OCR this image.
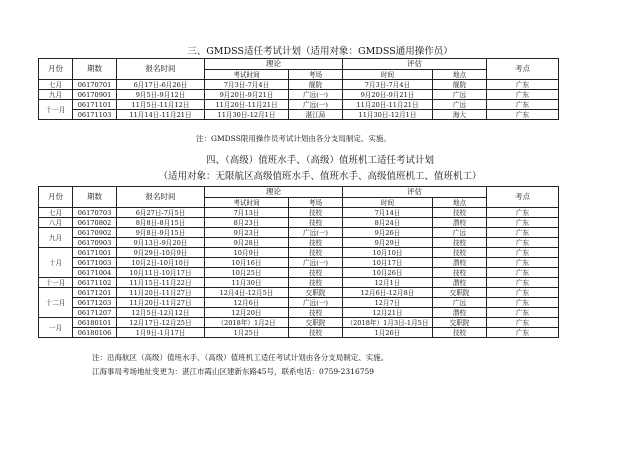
三、GMDSS适任考试计划（适用对象：GMDSS通用操作员）
月份	期数	报名时间	理论		评估		考点
			考试时间	考场	时间	地点	
七月	06170701	6月17日-6月26日	7月3日-7月4日	舰院	7月3日-7月4日	舰院	广东
九月	06170901	9月5日-9月12日	9月20日-9月21日	广远(一)	9月20日-9月21日	广远	广东
十一月	06171101	11月5日-11月12日	11月20日-11月21日	广远(一)	11月20日-11月21日	广远	广东
	06171103	11月14日-11月21日	11月30日-12月1日	湛江局	11月30日-12月1日	海大	广东
注：GMDSS限用操作员考试计划由各分支局制定、实施。
四、（高级）值班水手、（高级）值班机工适任考试计划
（适用对象：无限航区高级值班水手、值班水手、高级值班机工、值班机工）
月份	期数	报名时间	理论		评估		考点
			考试时间	考场	时间	地点	
七月	06170703	6月27日-7月5日	7月13日	技校	7月14日	技校	广东
八月	06170802	8月8日-8月15日	8月23日	技校	8月24日	潜校	广东
九月	06170902	9月8日-9月15日	9月23日	广远(一)	9月26日	广远	广东
	06170903	9月13日-9月20日	9月28日	技校	9月29日	技校	广东
十月	06171001	9月29日-10月9日	10月9日	技校	10月10日	技校	广东
	06171003	10月2日-10月10日	10月16日	广远(一)	10月17日	潜校	广东
	06171004	10月11日-10月17日	10月25日	技校	10月26日	技校	广东
十一月	06171102	11月15日-11月22日	11月30日	技校	12月1日	潜校	广东
十二月	06171201	11月20日-11月27日	12月4日-12月5日	交职院	12月6日-12月8日	交职院	广东
	06171203	11月20日-11月27日	12月6日	广远(一)	12月7日	广远	广东
	06171207	12月5日-12月12日	12月20日	技校	12月21日	潜校	广东
一月	06180101	12月17日-12月25日	（2018年）1月2日	交职院	（2018年）1月3日-1月5日	交职院	广东
	06180106	1月9日-1月17日	1月25日	技校	1月26日	技校	广东
注：沿海航区（高级）值班水手、（高级）值班机工适任考试计划由各分支局制定、实施。
江海事局考场地址变更为：湛江市霞山区建新东路45号，联系电话：0759-2316759
